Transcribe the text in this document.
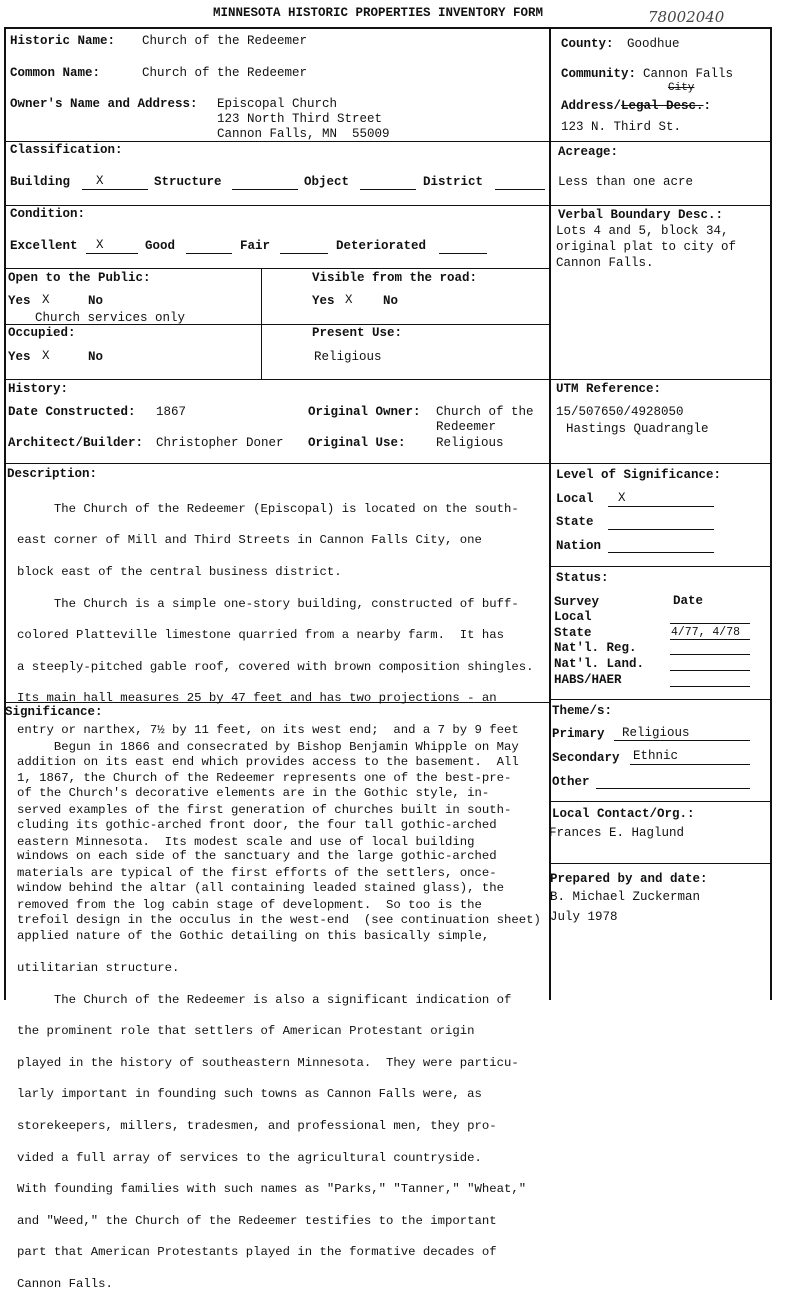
MINNESOTA HISTORIC PROPERTIES INVENTORY FORM	78002040
Historic Name: Church of the Redeemer
Common Name:	Church of the Redeemer
Owner's Name and Address: Episcopal Church
123 North Third Street
Cannon Falls, MN  55009
County: Goodhue
Community: Cannon Falls
City
Address/Legal Desc.:
123 N. Third St.
Classification:
Building X	Structure	Object	District
Acreage:
Less than one acre
Condition:
Excellent X	Good	Fair	Deteriorated
Verbal Boundary Desc.:
Lots 4 and 5, block 34,
original plat to city of
Cannon Falls.
Open to the Public:
Yes X	No
Church services only
Visible from the road:
Yes X No
Occupied:
Yes X	No
Present Use:
Religious
History:
Date Constructed: 1867
Architect/Builder: Christopher Doner
Original Owner: Church of the
Redeemer
Original Use: Religious
UTM Reference:
15/507650/4928050
Hastings Quadrangle
Description:

The Church of the Redeemer (Episcopal) is located on the south-

east corner of Mill and Third Streets in Cannon Falls City, one

block east of the central business district.

The Church is a simple one-story building, constructed of buff-

colored Platteville limestone quarried from a nearby farm.  It has

a steeply-pitched gable roof, covered with brown composition shingles.

Its main hall measures 25 by 47 feet and has two projections - an

entry or narthex, 7½ by 11 feet, on its west end;  and a 7 by 9 feet

addition on its east end which provides access to the basement.  All

of the Church's decorative elements are in the Gothic style, in-

cluding its gothic-arched front door, the four tall gothic-arched

windows on each side of the sanctuary and the large gothic-arched

window behind the altar (all containing leaded stained glass), the

trefoil design in the occulus in the west-end  (see continuation sheet)

Level of Significance:
Local X
State
Nation
Status:
Survey	Date
Local
State	4/77, 4/78
Nat'l. Reg.
Nat'l. Land.
HABS/HAER
Significance:

Begun in 1866 and consecrated by Bishop Benjamin Whipple on May

1, 1867, the Church of the Redeemer represents one of the best-pre-

served examples of the first generation of churches built in south-

eastern Minnesota.  Its modest scale and use of local building

materials are typical of the first efforts of the settlers, once-

removed from the log cabin stage of development.  So too is the

applied nature of the Gothic detailing on this basically simple,

utilitarian structure.

The Church of the Redeemer is also a significant indication of

the prominent role that settlers of American Protestant origin

played in the history of southeastern Minnesota.  They were particu-

larly important in founding such towns as Cannon Falls were, as

storekeepers, millers, tradesmen, and professional men, they pro-

vided a full array of services to the agricultural countryside.

With founding families with such names as "Parks," "Tanner," "Wheat,"

and "Weed," the Church of the Redeemer testifies to the important

part that American Protestants played in the formative decades of

Cannon Falls.

Theme/s:
Primary Religious
Secondary Ethnic
Other
Local Contact/Org.:
Frances E. Haglund
Prepared by and date:
B. Michael Zuckerman
July 1978
